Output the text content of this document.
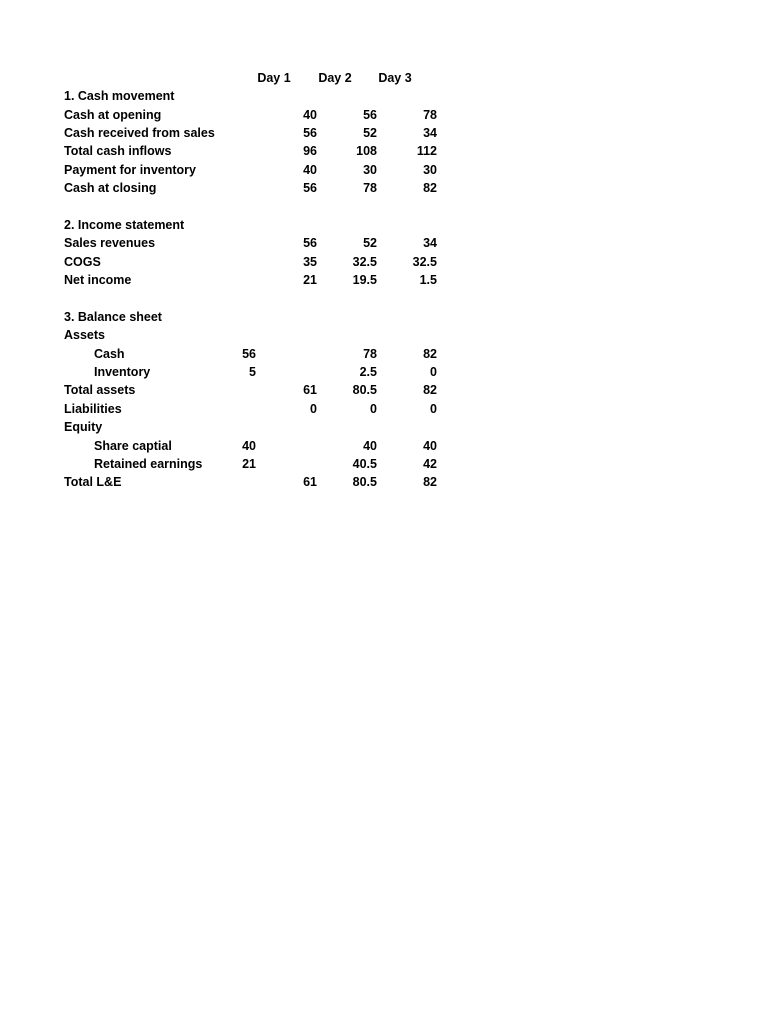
Day 1	Day 2	Day 3
1. Cash movement
Cash at opening	40	56	78
Cash received from sales	56	52	34
Total cash inflows	96	108	112
Payment for inventory	40	30	30
Cash at closing	56	78	82
2. Income statement
Sales revenues	56	52	34
COGS	35	32.5	32.5
Net income	21	19.5	1.5
3. Balance sheet
Assets
Cash	56	78	82
Inventory	5	2.5	0
Total assets	61	80.5	82
Liabilities	0	0	0
Equity
Share captial	40	40	40
Retained earnings	21	40.5	42
Total L&E	61	80.5	82
